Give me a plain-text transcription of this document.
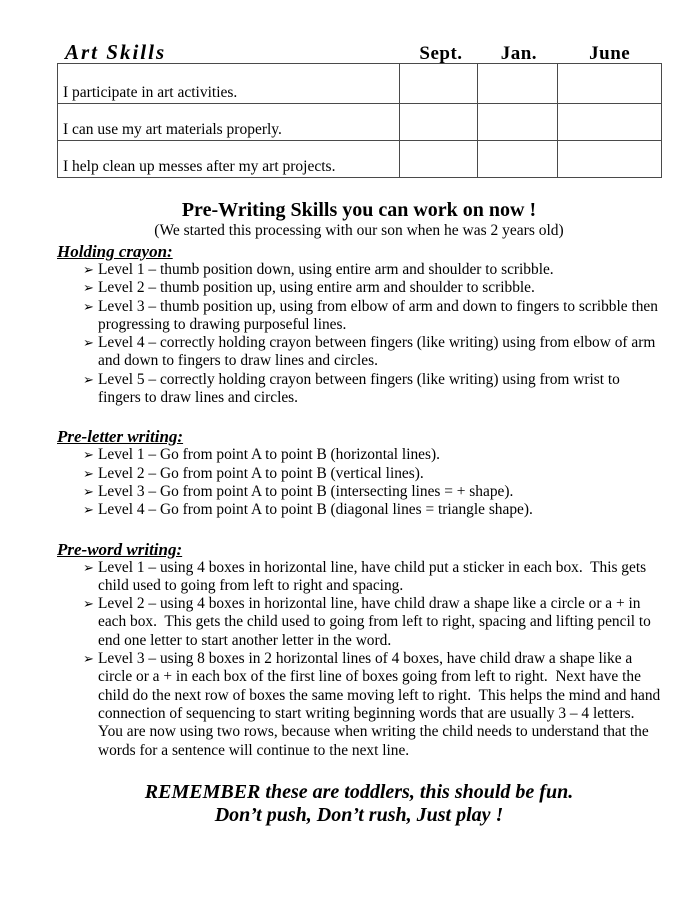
Art Skills	Sept.	Jan.	June
I participate in art activities.			
I can use my art materials properly.			
I help clean up messes after my art projects.			
Pre-Writing Skills you can work on now !
(We started this processing with our son when he was 2 years old)
Holding crayon:
➢ Level 1 – thumb position down, using entire arm and shoulder to scribble.
➢ Level 2 – thumb position up, using entire arm and shoulder to scribble.
➢ Level 3 – thumb position up, using from elbow of arm and down to fingers to scribble then progressing to drawing purposeful lines.
➢ Level 4 – correctly holding crayon between fingers (like writing) using from elbow of arm and down to fingers to draw lines and circles.
➢ Level 5 – correctly holding crayon between fingers (like writing) using from wrist to fingers to draw lines and circles.
Pre-letter writing:
➢ Level 1 – Go from point A to point B (horizontal lines).
➢ Level 2 – Go from point A to point B (vertical lines).
➢ Level 3 – Go from point A to point B (intersecting lines = + shape).
➢ Level 4 – Go from point A to point B (diagonal lines = triangle shape).
Pre-word writing:
➢ Level 1 – using 4 boxes in horizontal line, have child put a sticker in each box.  This gets child used to going from left to right and spacing.
➢ Level 2 – using 4 boxes in horizontal line, have child draw a shape like a circle or a + in each box.  This gets the child used to going from left to right, spacing and lifting pencil to end one letter to start another letter in the word.
➢ Level 3 – using 8 boxes in 2 horizontal lines of 4 boxes, have child draw a shape like a circle or a + in each box of the first line of boxes going from left to right.  Next have the child do the next row of boxes the same moving left to right.  This helps the mind and hand connection of sequencing to start writing beginning words that are usually 3 – 4 letters.  You are now using two rows, because when writing the child needs to understand that the words for a sentence will continue to the next line.
REMEMBER these are toddlers, this should be fun.
Don’t push, Don’t rush, Just play !
